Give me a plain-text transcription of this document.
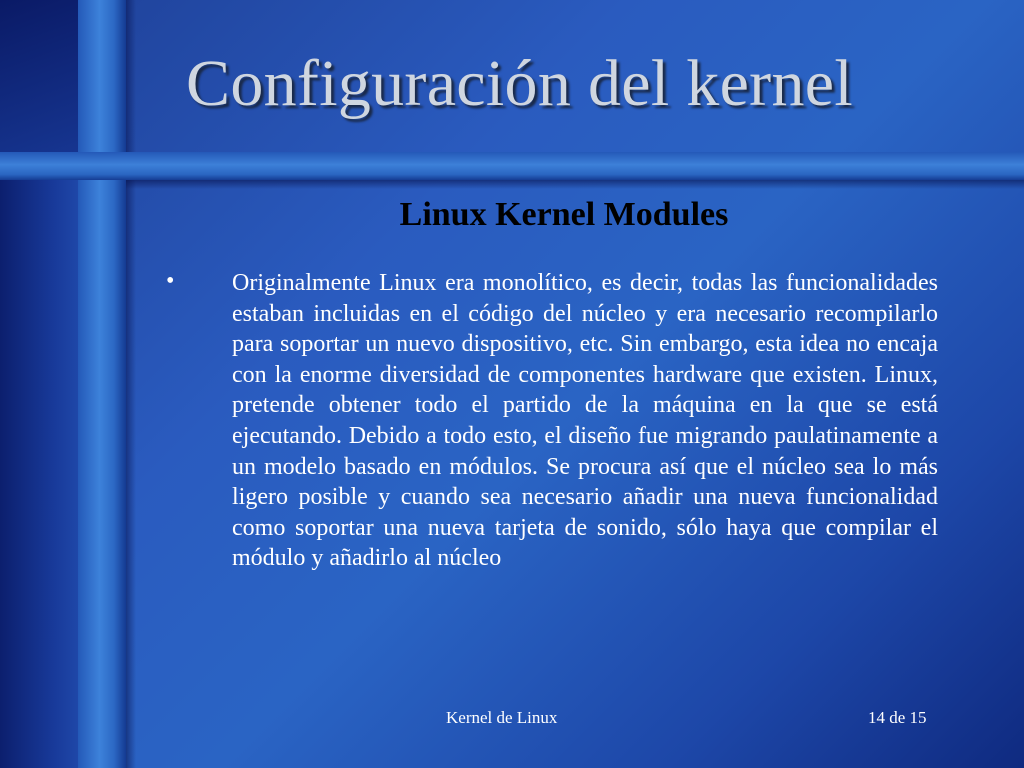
Configuración del kernel
Linux Kernel Modules
• Originalmente Linux era monolítico, es decir, todas las funcionalidades estaban incluidas en el código del núcleo y era necesario recompilarlo para soportar un nuevo dispositivo, etc. Sin embargo, esta idea no encaja con la enorme diversidad de componentes hardware que existen. Linux, pretende obtener todo el partido de la máquina en la que se está ejecutando. Debido a todo esto, el diseño fue migrando paulatinamente a un modelo basado en módulos. Se procura así que el núcleo sea lo más ligero posible y cuando sea necesario añadir una nueva funcionalidad como soportar una nueva tarjeta de sonido, sólo haya que compilar el módulo y añadirlo al núcleo

Kernel de Linux	14 de 15
